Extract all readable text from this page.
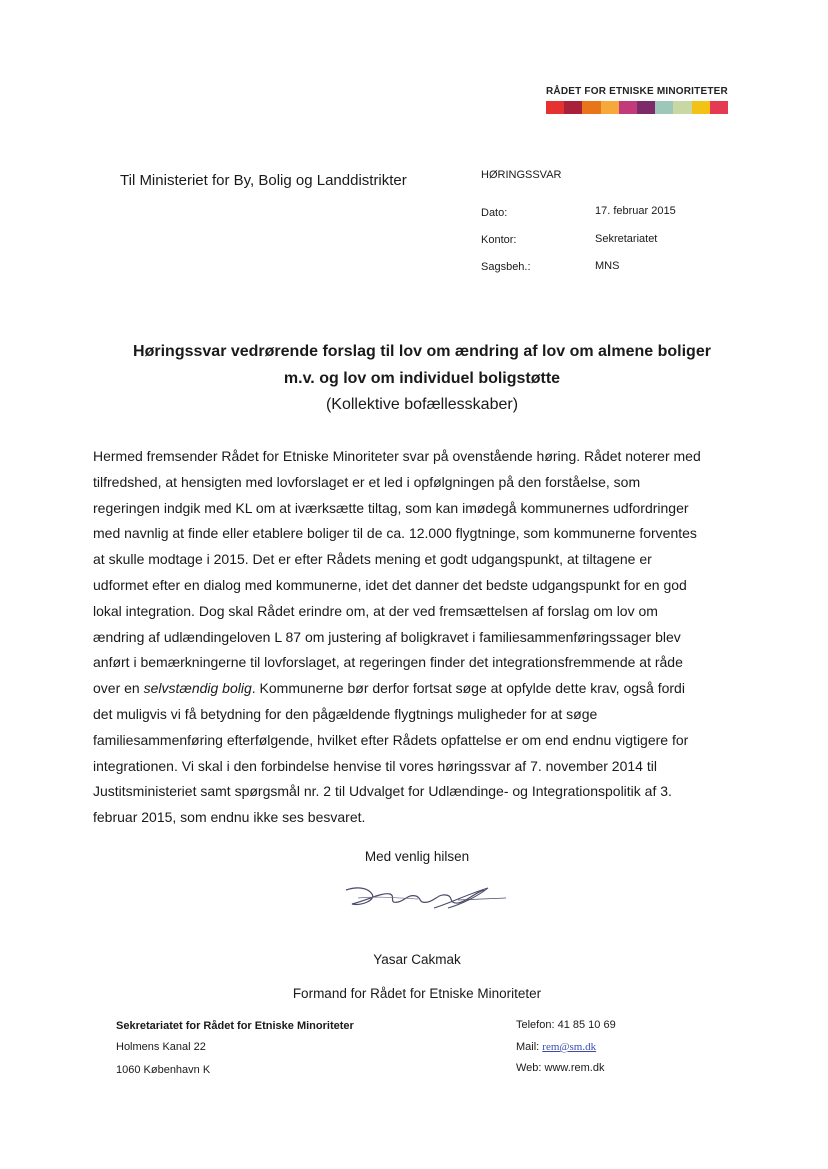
RÅDET FOR ETNISKE MINORITETER
Til Ministeriet for By, Bolig og Landdistrikter	HØRINGSSVAR
Dato:	17. februar 2015
Kontor:	Sekretariatet
Sagsbeh.:	MNS
Høringssvar vedrørende forslag til lov om ændring af lov om almene boliger
m.v. og lov om individuel boligstøtte
(Kollektive bofællesskaber)
Hermed fremsender Rådet for Etniske Minoriteter svar på ovenstående høring. Rådet noterer med
tilfredshed, at hensigten med lovforslaget er et led i opfølgningen på den forståelse, som
regeringen indgik med KL om at iværksætte tiltag, som kan imødegå kommunernes udfordringer
med navnlig at finde eller etablere boliger til de ca. 12.000 flygtninge, som kommunerne forventes
at skulle modtage i 2015. Det er efter Rådets mening et godt udgangspunkt, at tiltagene er
udformet efter en dialog med kommunerne, idet det danner det bedste udgangspunkt for en god
lokal integration. Dog skal Rådet erindre om, at der ved fremsættelsen af forslag om lov om
ændring af udlændingeloven L 87 om justering af boligkravet i familiesammenføringssager blev
anført i bemærkningerne til lovforslaget, at regeringen finder det integrationsfremmende at råde
over en selvstændig bolig. Kommunerne bør derfor fortsat søge at opfylde dette krav, også fordi
det muligvis vi få betydning for den pågældende flygtnings muligheder for at søge
familiesammenføring efterfølgende, hvilket efter Rådets opfattelse er om end endnu vigtigere for
integrationen. Vi skal i den forbindelse henvise til vores høringssvar af 7. november 2014 til
Justitsministeriet samt spørgsmål nr. 2 til Udvalget for Udlændinge- og Integrationspolitik af 3.
februar 2015, som endnu ikke ses besvaret.
Med venlig hilsen
Yasar Cakmak
Formand for Rådet for Etniske Minoriteter
Sekretariatet for Rådet for Etniske Minoriteter
Holmens Kanal 22
1060 København K
Telefon: 41 85 10 69
Mail: rem@sm.dk
Web: www.rem.dk
